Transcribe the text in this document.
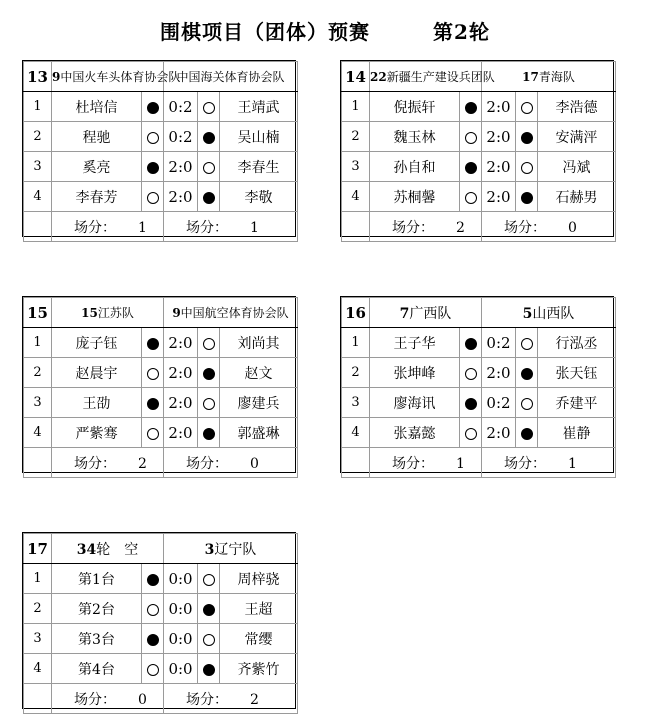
围棋项目（团体）预赛　　　	第2轮
13	9中国火车头体育协会队		中国海关体育协会队		
1	杜培信		0:2		王靖武
2	程驰		0:2		吴山楠
3	奚亮		2:0		李春生
4	李春芳		2:0		李敬
	场分： 1		场分： 1		
14	22新疆生产建设兵团队		17青海队		
1	倪振轩		2:0		李浩德
2	魏玉林		2:0		安满泙
3	孙自和		2:0		冯斌
4	苏桐馨		2:0		石赫男
	场分： 2		场分： 0		
15	15江苏队		9中国航空体育协会队		
1	庞子钰		2:0		刘尚其
2	赵晨宇		2:0		赵文
3	王劭		2:0		廖建兵
4	严紫骞		2:0		郭盛琳
	场分： 2		场分： 0		
16	7广西队		5山西队		
1	王子华		0:2		行泓丞
2	张坤峰		2:0		张天钰
3	廖海讯		0:2		乔建平
4	张嘉懿		2:0		崔静
	场分： 1		场分： 1		
17	34轮　空		3辽宁队		
1	第1台		0:0		周梓骁
2	第2台		0:0		王超
3	第3台		0:0		常缨
4	第4台		0:0		齐紫竹
	场分： 0		场分： 2		
